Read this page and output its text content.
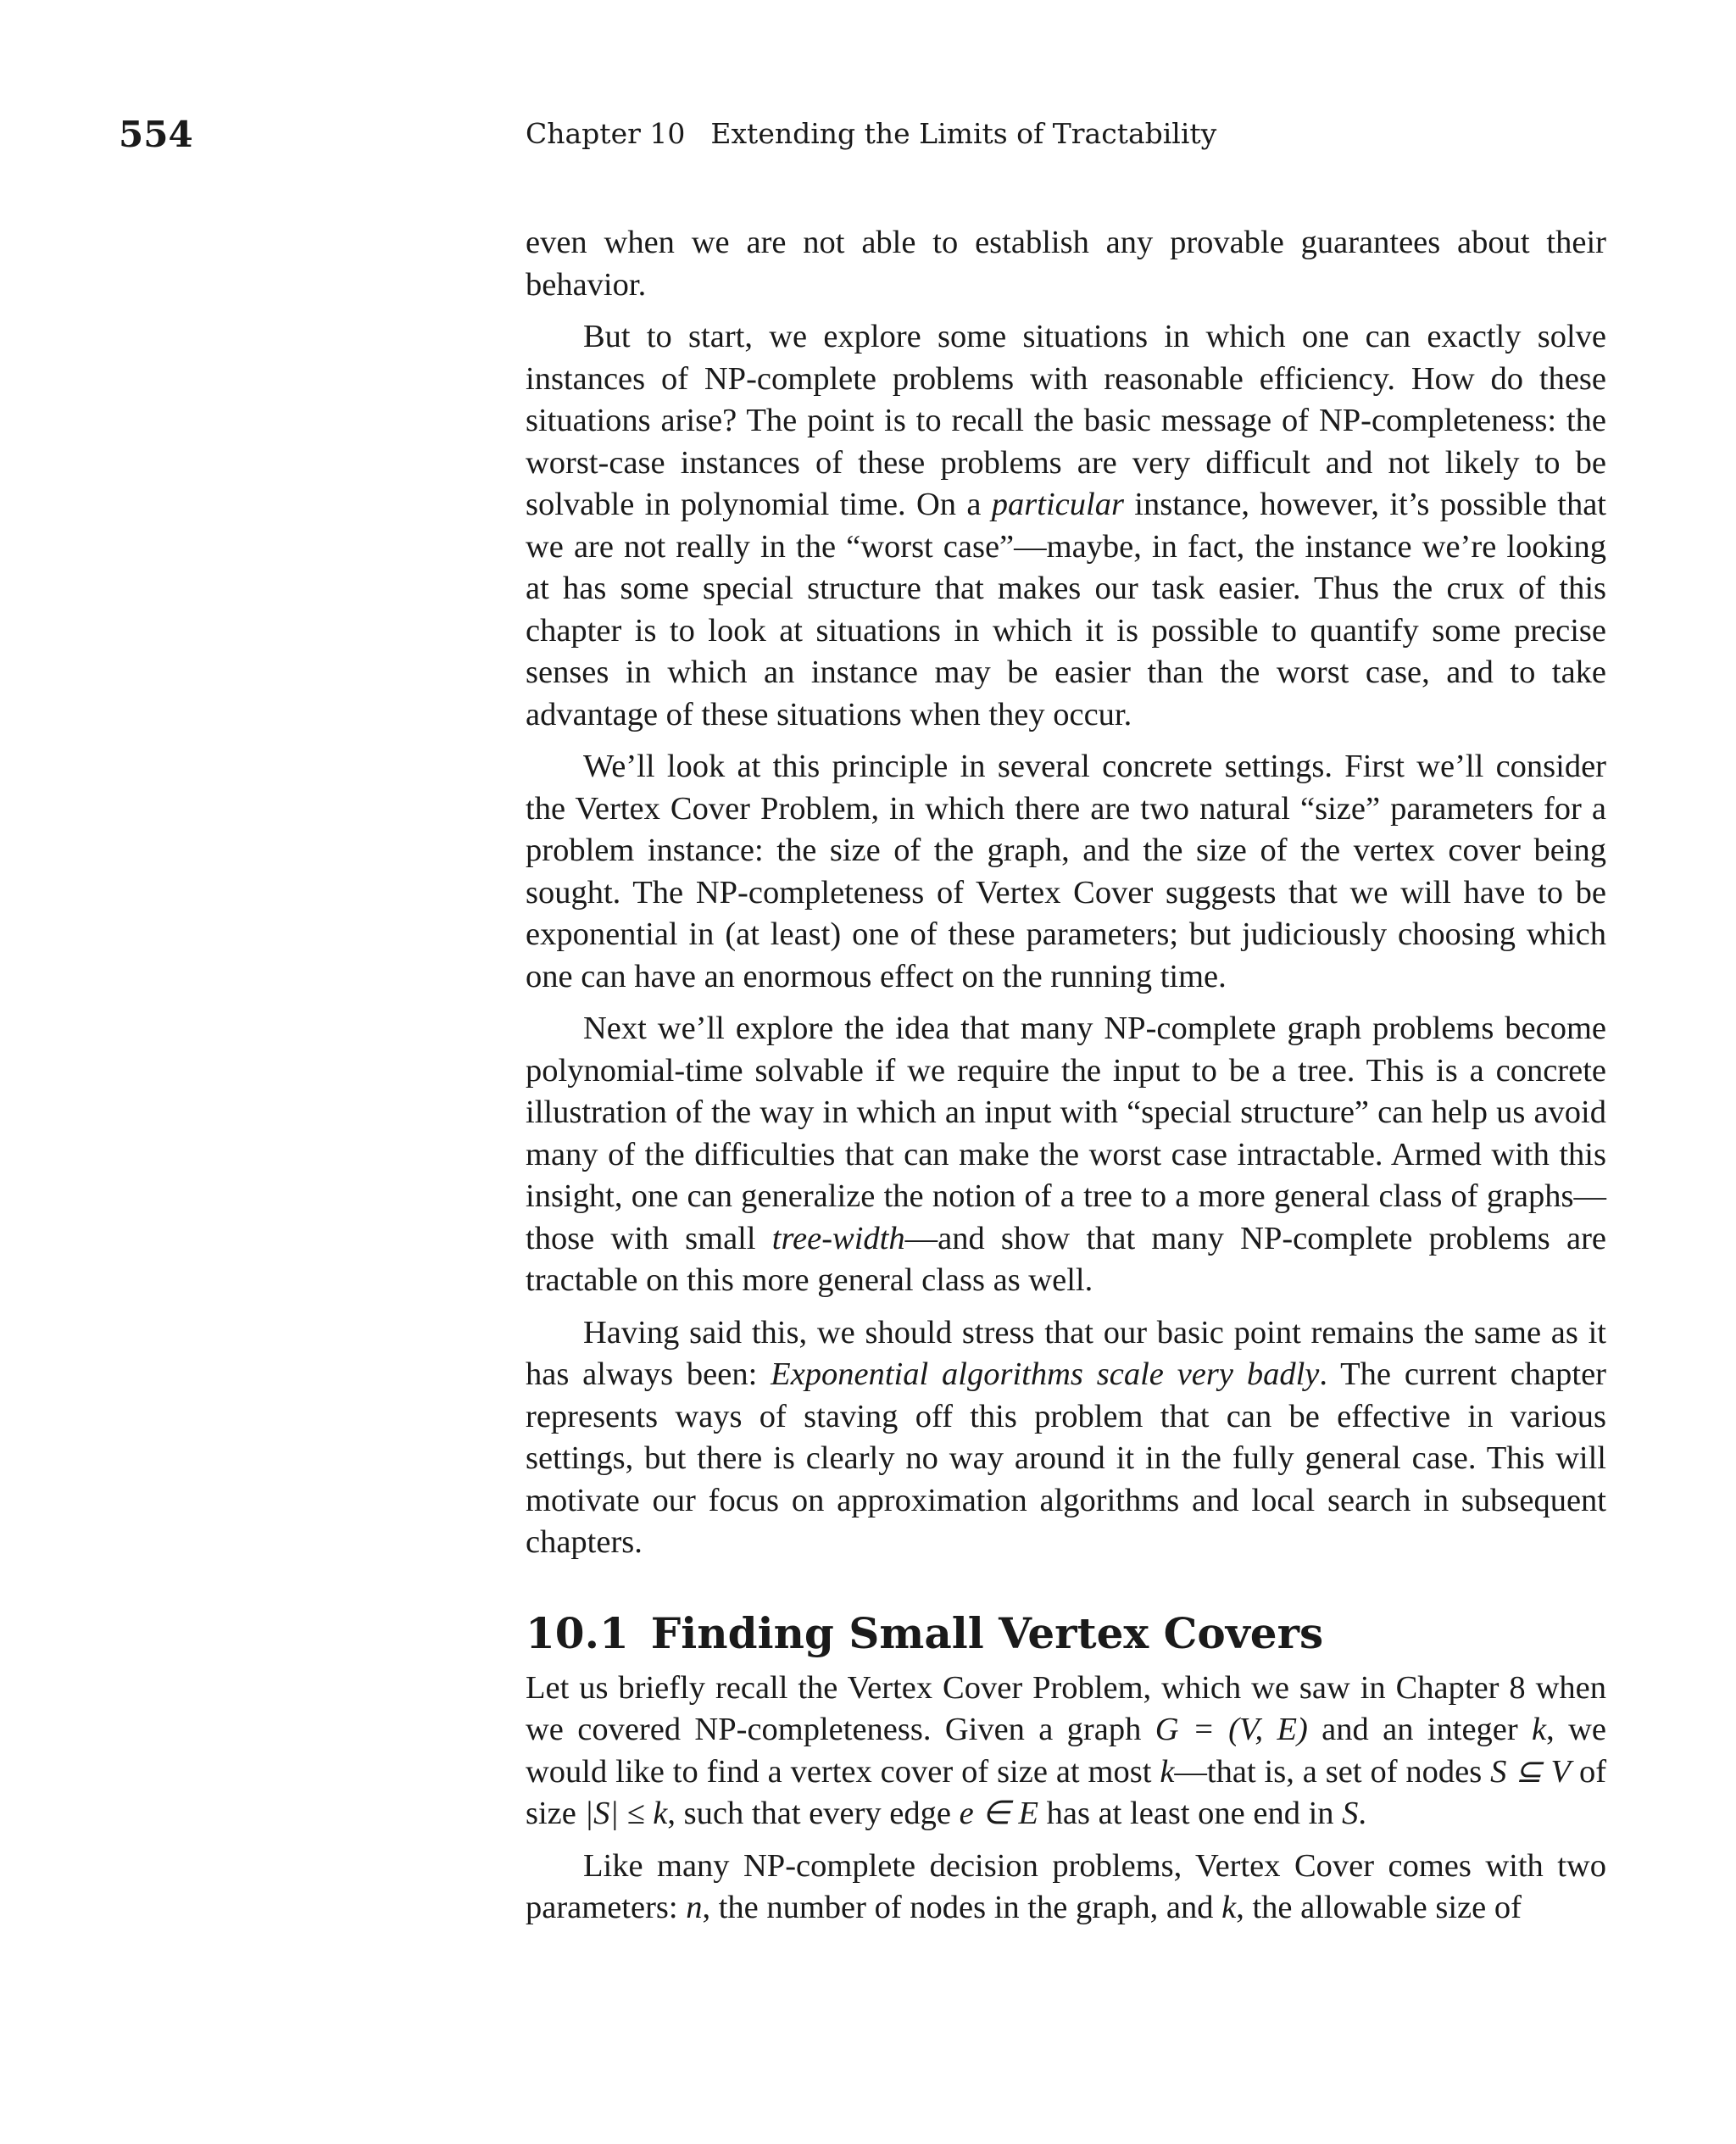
554	Chapter 10 Extending the Limits of Tractability

even when we are not able to establish any provable guarantees about their behavior.

But to start, we explore some situations in which one can exactly solve instances of NP-complete problems with reasonable efficiency. How do these situations arise? The point is to recall the basic message of NP-completeness: the worst-case instances of these problems are very difficult and not likely to be solvable in polynomial time. On a particular instance, however, it’s possible that we are not really in the “worst case”—maybe, in fact, the instance we’re looking at has some special structure that makes our task easier. Thus the crux of this chapter is to look at situations in which it is possible to quantify some precise senses in which an instance may be easier than the worst case, and to take advantage of these situations when they occur.

We’ll look at this principle in several concrete settings. First we’ll consider the Vertex Cover Problem, in which there are two natural “size” parameters for a problem instance: the size of the graph, and the size of the vertex cover being sought. The NP-completeness of Vertex Cover suggests that we will have to be exponential in (at least) one of these parameters; but judiciously choosing which one can have an enormous effect on the running time.

Next we’ll explore the idea that many NP-complete graph problems become polynomial-time solvable if we require the input to be a tree. This is a concrete illustration of the way in which an input with “special structure” can help us avoid many of the difficulties that can make the worst case intractable. Armed with this insight, one can generalize the notion of a tree to a more general class of graphs—those with small tree-width—and show that many NP-complete problems are tractable on this more general class as well.

Having said this, we should stress that our basic point remains the same as it has always been: Exponential algorithms scale very badly. The current chapter represents ways of staving off this problem that can be effective in various settings, but there is clearly no way around it in the fully general case. This will motivate our focus on approximation algorithms and local search in subsequent chapters.

10.1 Finding Small Vertex Covers

Let us briefly recall the Vertex Cover Problem, which we saw in Chapter 8 when we covered NP-completeness. Given a graph G = (V, E) and an integer k, we would like to find a vertex cover of size at most k—that is, a set of nodes S ⊆ V of size |S| ≤ k, such that every edge e ∈ E has at least one end in S.

Like many NP-complete decision problems, Vertex Cover comes with two parameters: n, the number of nodes in the graph, and k, the allowable size of
